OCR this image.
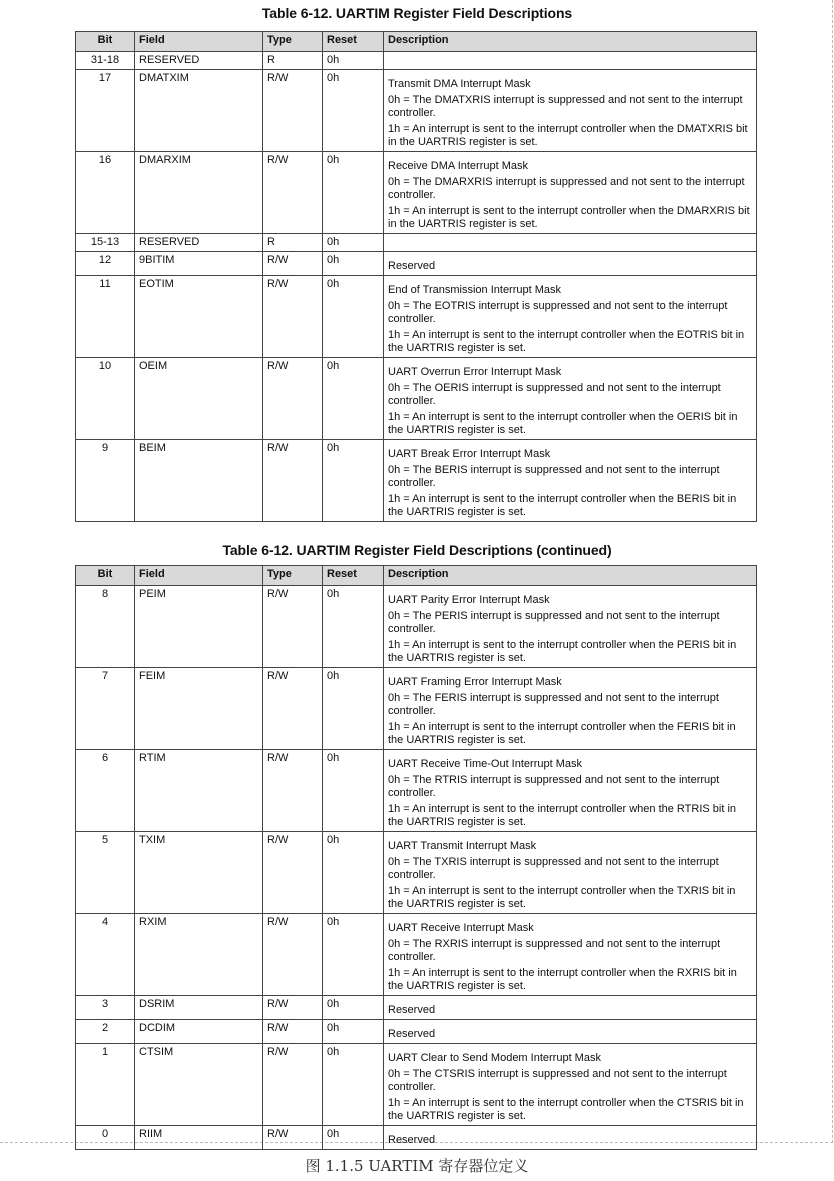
Table 6-12. UARTIM Register Field Descriptions
Bit	Field	Type	Reset	Description
31-18	RESERVED	R	0h	
17	DMATXIM	R/W	0h	Transmit DMA Interrupt Mask
0h = The DMATXRIS interrupt is suppressed and not sent to the interrupt controller.
1h = An interrupt is sent to the interrupt controller when the DMATXRIS bit in the UARTRIS register is set.

16	DMARXIM	R/W	0h	Receive DMA Interrupt Mask
0h = The DMARXRIS interrupt is suppressed and not sent to the interrupt controller.
1h = An interrupt is sent to the interrupt controller when the DMARXRIS bit in the UARTRIS register is set.

15-13	RESERVED	R	0h	
12	9BITIM	R/W	0h	Reserved

11	EOTIM	R/W	0h	End of Transmission Interrupt Mask
0h = The EOTRIS interrupt is suppressed and not sent to the interrupt controller.
1h = An interrupt is sent to the interrupt controller when the EOTRIS bit in the UARTRIS register is set.

10	OEIM	R/W	0h	UART Overrun Error Interrupt Mask
0h = The OERIS interrupt is suppressed and not sent to the interrupt controller.
1h = An interrupt is sent to the interrupt controller when the OERIS bit in the UARTRIS register is set.

9	BEIM	R/W	0h	UART Break Error Interrupt Mask
0h = The BERIS interrupt is suppressed and not sent to the interrupt controller.
1h = An interrupt is sent to the interrupt controller when the BERIS bit in the UARTRIS register is set.
Table 6-12. UARTIM Register Field Descriptions (continued)
Bit	Field	Type	Reset	Description
8	PEIM	R/W	0h	UART Parity Error Interrupt Mask
0h = The PERIS interrupt is suppressed and not sent to the interrupt controller.
1h = An interrupt is sent to the interrupt controller when the PERIS bit in the UARTRIS register is set.

7	FEIM	R/W	0h	UART Framing Error Interrupt Mask
0h = The FERIS interrupt is suppressed and not sent to the interrupt controller.
1h = An interrupt is sent to the interrupt controller when the FERIS bit in the UARTRIS register is set.

6	RTIM	R/W	0h	UART Receive Time-Out Interrupt Mask
0h = The RTRIS interrupt is suppressed and not sent to the interrupt controller.
1h = An interrupt is sent to the interrupt controller when the RTRIS bit in the UARTRIS register is set.

5	TXIM	R/W	0h	UART Transmit Interrupt Mask
0h = The TXRIS interrupt is suppressed and not sent to the interrupt controller.
1h = An interrupt is sent to the interrupt controller when the TXRIS bit in the UARTRIS register is set.

4	RXIM	R/W	0h	UART Receive Interrupt Mask
0h = The RXRIS interrupt is suppressed and not sent to the interrupt controller.
1h = An interrupt is sent to the interrupt controller when the RXRIS bit in the UARTRIS register is set.

3	DSRIM	R/W	0h	Reserved

2	DCDIM	R/W	0h	Reserved

1	CTSIM	R/W	0h	UART Clear to Send Modem Interrupt Mask
0h = The CTSRIS interrupt is suppressed and not sent to the interrupt controller.
1h = An interrupt is sent to the interrupt controller when the CTSRIS bit in the UARTRIS register is set.

0	RIIM	R/W	0h	Reserved
图 1.1.5 UARTIM 寄存器位定义
